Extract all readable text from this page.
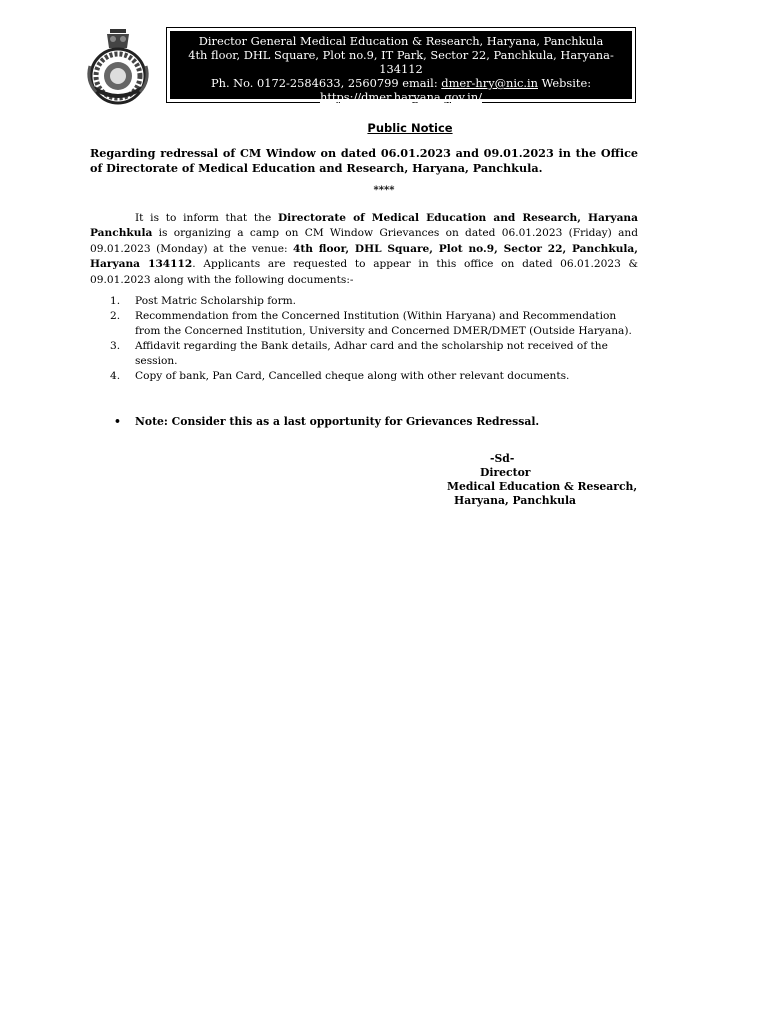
Director General Medical Education & Research, Haryana, Panchkula
4th floor, DHL Square, Plot no.9, IT Park, Sector 22, Panchkula, Haryana- 134112
Ph. No. 0172-2584633, 2560799 email: dmer-hry@nic.in Website:
https://dmer.haryana.gov.in/
Public Notice
Regarding redressal of CM Window on dated 06.01.2023 and 09.01.2023 in the Office of Directorate of Medical Education and Research, Haryana, Panchkula.
****
It is to inform that the Directorate of Medical Education and Research, Haryana Panchkula is organizing a camp on CM Window Grievances on dated 06.01.2023 (Friday) and 09.01.2023 (Monday) at the venue: 4th floor, DHL Square, Plot no.9, Sector 22, Panchkula, Haryana 134112. Applicants are requested to appear in this office on dated 06.01.2023 & 09.01.2023 along with the following documents:-
1. Post Matric Scholarship form.
2. Recommendation from the Concerned Institution (Within Haryana) and Recommendation from the Concerned Institution, University and Concerned DMER/DMET (Outside Haryana).
3. Affidavit regarding the Bank details, Adhar card and the scholarship not received of the session.
4. Copy of bank, Pan Card, Cancelled cheque along with other relevant documents.
• Note: Consider this as a last opportunity for Grievances Redressal.
-Sd-
Director
Medical Education & Research,
Haryana, Panchkula
